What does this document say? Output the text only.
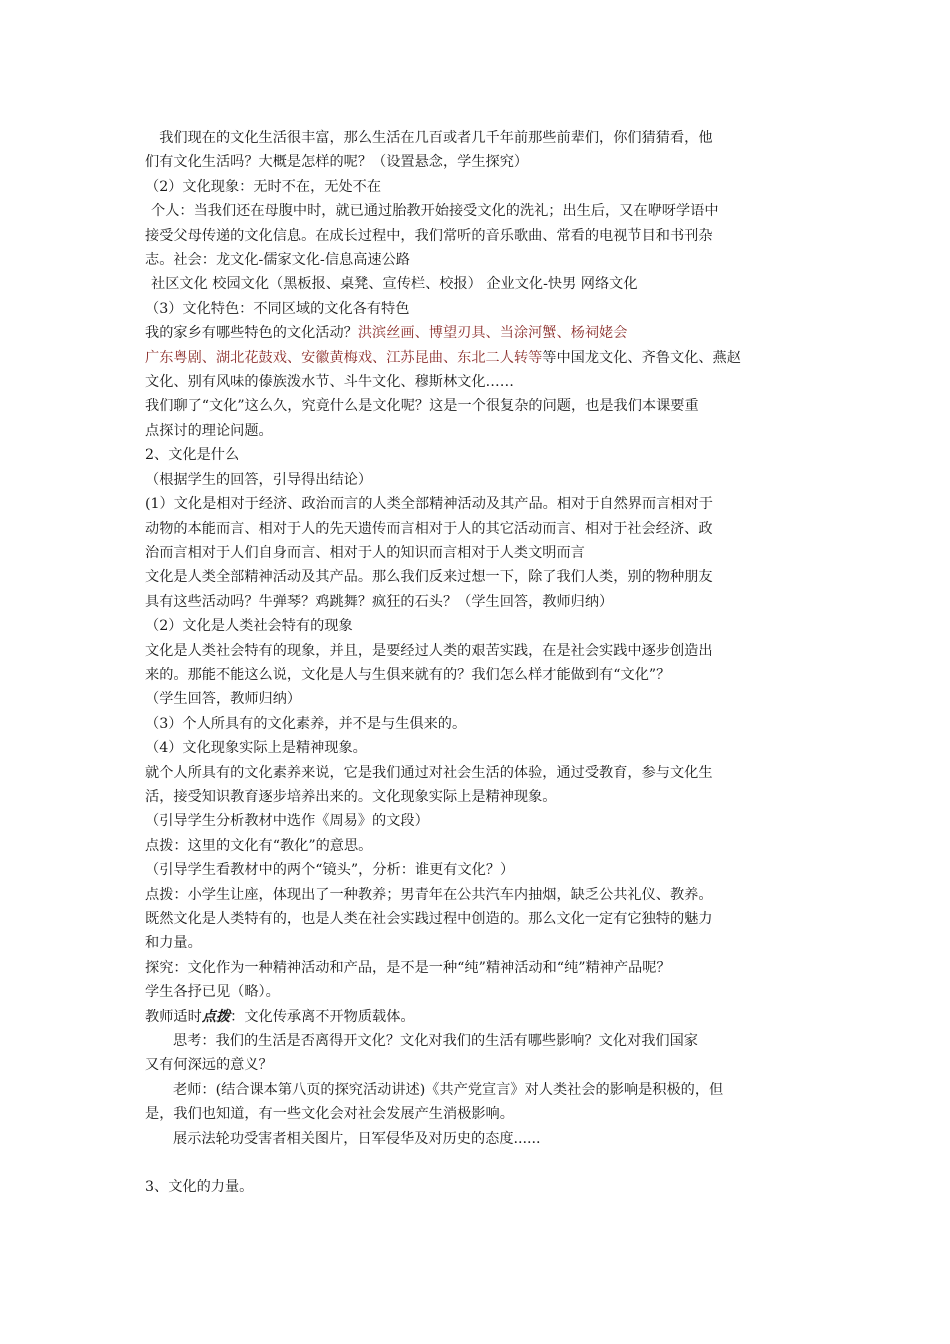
　我们现在的文化生活很丰富，那么生活在几百或者几千年前那些前辈们，你们猜猜看，他
们有文化生活吗？大概是怎样的呢？（设置悬念，学生探究）
（2）文化现象：无时不在，无处不在
个人：当我们还在母腹中时，就已通过胎教开始接受文化的洗礼；出生后，又在咿呀学语中
接受父母传递的文化信息。在成长过程中，我们常听的音乐歌曲、常看的电视节目和书刊杂
志。社会：龙文化-儒家文化-信息高速公路
社区文化 校园文化（黑板报、桌凳、宣传栏、校报） 企业文化-快男 网络文化
（3）文化特色：不同区域的文化各有特色
我的家乡有哪些特色的文化活动？洪滨丝画、博望刃具、当涂河蟹、杨祠姥会
广东粤剧、湖北花鼓戏、安徽黄梅戏、江苏昆曲、东北二人转等等中国龙文化、齐鲁文化、燕赵
文化、别有风味的傣族泼水节、斗牛文化、穆斯林文化……
我们聊了“文化”这么久，究竟什么是文化呢？这是一个很复杂的问题，也是我们本课要重
点探讨的理论问题。
2、文化是什么
（根据学生的回答，引导得出结论）
(1）文化是相对于经济、政治而言的人类全部精神活动及其产品。相对于自然界而言相对于
动物的本能而言、相对于人的先天遗传而言相对于人的其它活动而言、相对于社会经济、政
治而言相对于人们自身而言、相对于人的知识而言相对于人类文明而言
文化是人类全部精神活动及其产品。那么我们反来过想一下，除了我们人类，别的物种朋友
具有这些活动吗？牛弹琴？鸡跳舞？疯狂的石头？（学生回答，教师归纳）
（2）文化是人类社会特有的现象
文化是人类社会特有的现象，并且，是要经过人类的艰苦实践，在是社会实践中逐步创造出
来的。那能不能这么说，文化是人与生俱来就有的？我们怎么样才能做到有“文化”？
（学生回答，教师归纳）
（3）个人所具有的文化素养，并不是与生俱来的。
（4）文化现象实际上是精神现象。
就个人所具有的文化素养来说，它是我们通过对社会生活的体验，通过受教育，参与文化生
活，接受知识教育逐步培养出来的。文化现象实际上是精神现象。
（引导学生分析教材中选作《周易》的文段）
点拨：这里的文化有“教化”的意思。
（引导学生看教材中的两个“镜头”，分析：谁更有文化？）
点拨：小学生让座，体现出了一种教养；男青年在公共汽车内抽烟，缺乏公共礼仪、教养。
既然文化是人类特有的，也是人类在社会实践过程中创造的。那么文化一定有它独特的魅力
和力量。
探究：文化作为一种精神活动和产品，是不是一种“纯”精神活动和“纯”精神产品呢？
学生各抒已见（略）。
教师适时点拨：文化传承离不开物质载体。
思考：我们的生活是否离得开文化？文化对我们的生活有哪些影响？文化对我们国家
又有何深远的意义？
老师：(结合课本第八页的探究活动讲述)《共产党宣言》对人类社会的影响是积极的，但
是，我们也知道，有一些文化会对社会发展产生消极影响。
展示法轮功受害者相关图片，日军侵华及对历史的态度......
3、文化的力量。
